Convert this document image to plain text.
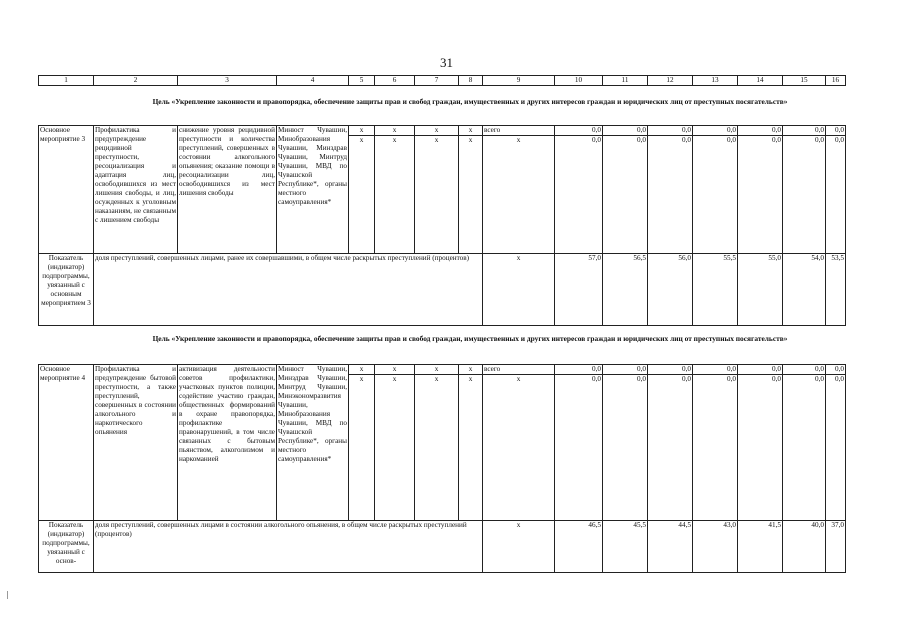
31
1	2	3	4	5	6	7	8	9	10	11	12	13	14	15	16
Цель «Укрепление законности и правопорядка, обеспечение защиты прав и свобод граждан, имущественных и других интересов граждан и юридических лиц от преступных посягательств»
Основное мероприятие 3	Профилактика и предупреждение рецидивной преступности, ресоциализация и адаптация лиц, освободившихся из мест лишения свободы, и лиц, осужденных к уголовным наказаниям, не связанным с лишением свободы	снижение уровня рецидивной преступности и количества преступлений, совершенных в состоянии алкогольного опьянения; оказание помощи в ресоциализации лиц, освободившихся из мест лишения свободы	Минюст Чувашии, Минобразования Чувашии, Минздрав Чувашии, Минтруд Чувашии, МВД по Чувашской Республике*, органы местного самоуправления*	х	х	х	х	всего	0,0	0,0	0,0	0,0	0,0	0,0	0,0
				х	х	х	х	х	0,0	0,0	0,0	0,0	0,0	0,0	0,0
Показатель (индикатор) подпрограммы, увязанный с основным мероприятием 3	доля преступлений, совершенных лицами, ранее их совершавшими, в общем числе раскрытых преступлений (процентов)							х	57,0	56,5	56,0	55,5	55,0	54,0	53,5
Цель «Укрепление законности и правопорядка, обеспечение защиты прав и свобод граждан, имущественных и других интересов граждан и юридических лиц от преступных посягательств»
Основное мероприятие 4	Профилактика и предупреждение бытовой преступности, а также преступлений, совершенных в состоянии алкогольного и наркотического опьянения	активизация деятельности советов профилактики, участковых пунктов полиции, содействие участию граждан, общественных формирований в охране правопорядка, профилактике правонарушений, в том числе связанных с бытовым пьянством, алкоголизмом и наркоманией	Минюст Чувашии, Минздрав Чувашии, Минтруд Чувашии, Минэкономразвития Чувашии, Минобразования Чувашии, МВД по Чувашской Республике*, органы местного самоуправления*	х	х	х	х	всего	0,0	0,0	0,0	0,0	0,0	0,0	0,0
				х	х	х	х	х	0,0	0,0	0,0	0,0	0,0	0,0	0,0
Показатель (индикатор) подпрограммы, увязанный с основ-	доля преступлений, совершенных лицами в состоянии алкогольного опьянения, в общем числе раскрытых преступлений (процентов)							х	46,5	45,5	44,5	43,0	41,5	40,0	37,0
